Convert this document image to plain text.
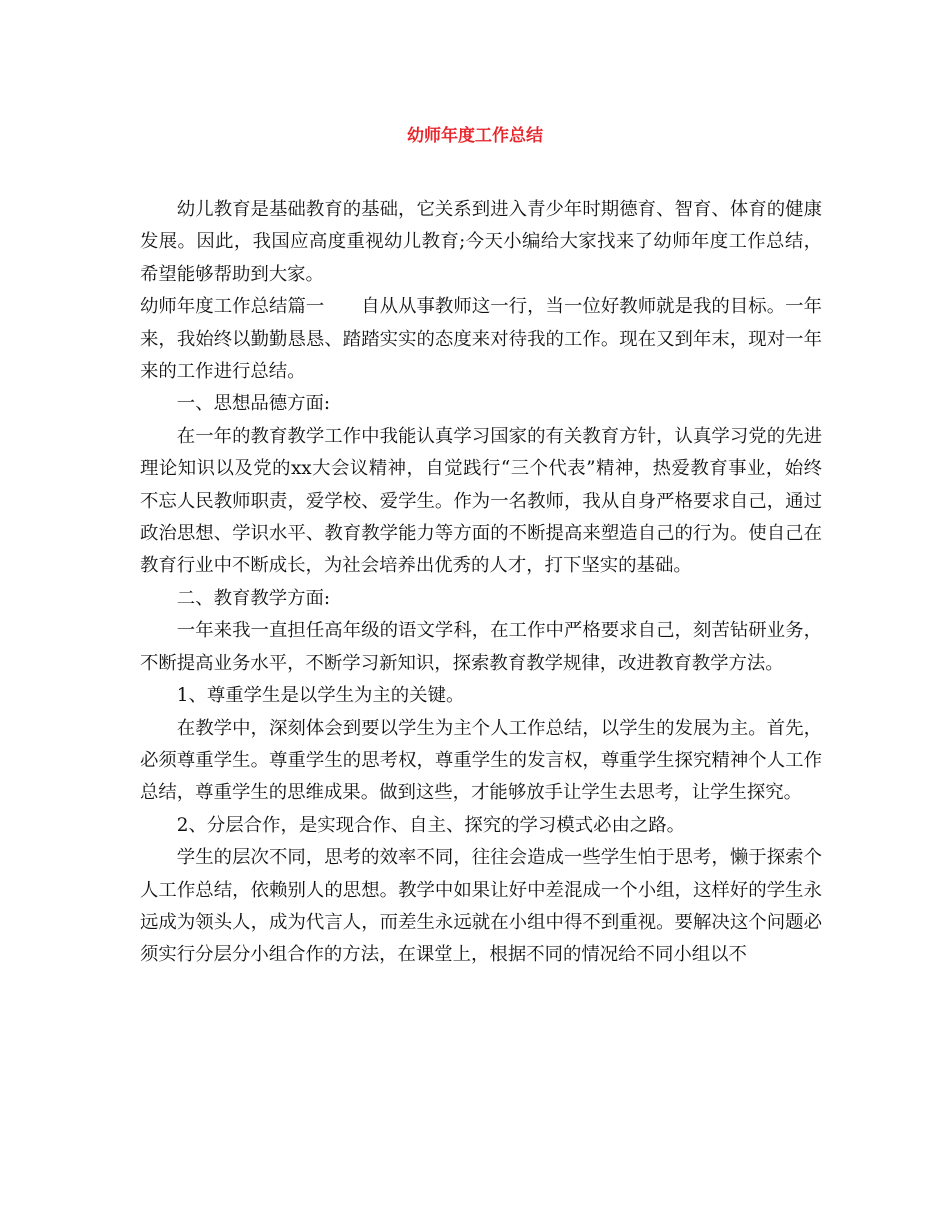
幼师年度工作总结

幼儿教育是基础教育的基础，它关系到进入青少年时期德育、智育、体育的健康发展。因此，我国应高度重视幼儿教育;今天小编给大家找来了幼师年度工作总结，希望能够帮助到大家。

幼师年度工作总结篇一　　自从从事教师这一行，当一位好教师就是我的目标。一年来，我始终以勤勤恳恳、踏踏实实的态度来对待我的工作。现在又到年末，现对一年来的工作进行总结。

一、思想品德方面:

在一年的教育教学工作中我能认真学习国家的有关教育方针，认真学习党的先进理论知识以及党的xx大会议精神，自觉践行“三个代表”精神，热爱教育事业，始终不忘人民教师职责，爱学校、爱学生。作为一名教师，我从自身严格要求自己，通过政治思想、学识水平、教育教学能力等方面的不断提高来塑造自己的行为。使自己在教育行业中不断成长，为社会培养出优秀的人才，打下坚实的基础。

二、教育教学方面:

一年来我一直担任高年级的语文学科，在工作中严格要求自己，刻苦钻研业务，不断提高业务水平，不断学习新知识，探索教育教学规律，改进教育教学方法。

1、尊重学生是以学生为主的关键。

在教学中，深刻体会到要以学生为主个人工作总结，以学生的发展为主。首先，必须尊重学生。尊重学生的思考权，尊重学生的发言权，尊重学生探究精神个人工作总结，尊重学生的思维成果。做到这些，才能够放手让学生去思考，让学生探究。

2、分层合作，是实现合作、自主、探究的学习模式必由之路。

学生的层次不同，思考的效率不同，往往会造成一些学生怕于思考，懒于探索个人工作总结，依赖别人的思想。教学中如果让好中差混成一个小组，这样好的学生永远成为领头人，成为代言人，而差生永远就在小组中得不到重视。要解决这个问题必须实行分层分小组合作的方法，在课堂上，根据不同的情况给不同小组以不
